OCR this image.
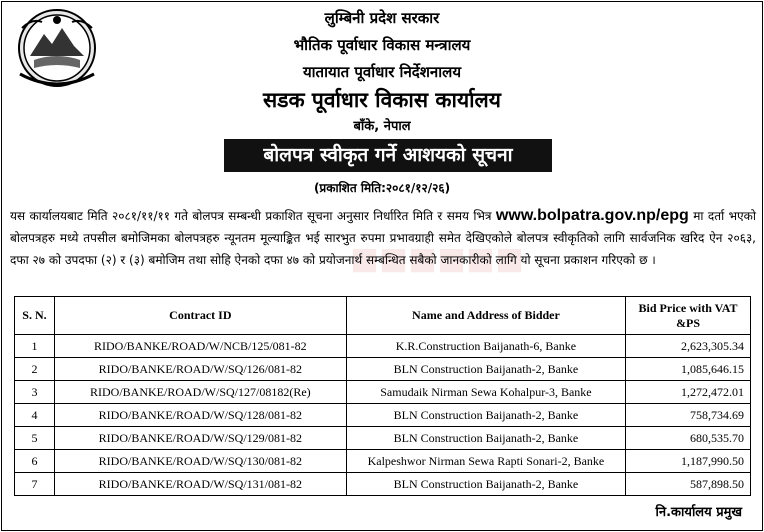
लुम्बिनी प्रदेश सरकार
भौतिक पूर्वाधार विकास मन्त्रालय
यातायात पूर्वाधार निर्देशनालय
सडक पूर्वाधार विकास कार्यालय
बाँके, नेपाल
बोलपत्र स्वीकृत गर्ने आशयको सूचना
(प्रकाशित मिति:२०८१/१२/२६)
■■■■■■
यस कार्यालयबाट मिति २०८१/११/११ गते बोलपत्र सम्बन्धी प्रकाशित सूचना अनुसार निर्धारित मिति र समय भित्र www.bolpatra.gov.np/epg मा दर्ता भएको बोलपत्रहरु मध्ये तपसील बमोजिमका बोलपत्रहरु न्यूनतम मूल्याङ्कित भई सारभुत रुपमा प्रभावग्राही समेत देखिएकोले बोलपत्र स्वीकृतिको लागि सार्वजनिक खरिद ऐन २०६३, दफा २७ को उपदफा (२) र (३) बमोजिम तथा सोहि ऐनको दफा ४७ को प्रयोजनार्थ सम्बन्धित सबैको जानकारीको लागि यो सूचना प्रकाशन गरिएको छ ।
S. N.	Contract ID	Name and Address of Bidder	Bid Price with VAT &PS
1	RIDO/BANKE/ROAD/W/NCB/125/081-82	K.R.Construction Baijanath-6, Banke	2,623,305.34
2	RIDO/BANKE/ROAD/W/SQ/126/081-82	BLN Construction Baijanath-2, Banke	1,085,646.15
3	RIDO/BANKE/ROAD/W/SQ/127/08182(Re)	Samudaik Nirman Sewa Kohalpur-3, Banke	1,272,472.01
4	RIDO/BANKE/ROAD/W/SQ/128/081-82	BLN Construction Baijanath-2, Banke	758,734.69
5	RIDO/BANKE/ROAD/W/SQ/129/081-82	BLN Construction Baijanath-2, Banke	680,535.70
6	RIDO/BANKE/ROAD/W/SQ/130/081-82	Kalpeshwor Nirman Sewa Rapti Sonari-2, Banke	1,187,990.50
7	RIDO/BANKE/ROAD/W/SQ/131/081-82	BLN Construction Baijanath-2, Banke	587,898.50
नि.कार्यालय प्रमुख
